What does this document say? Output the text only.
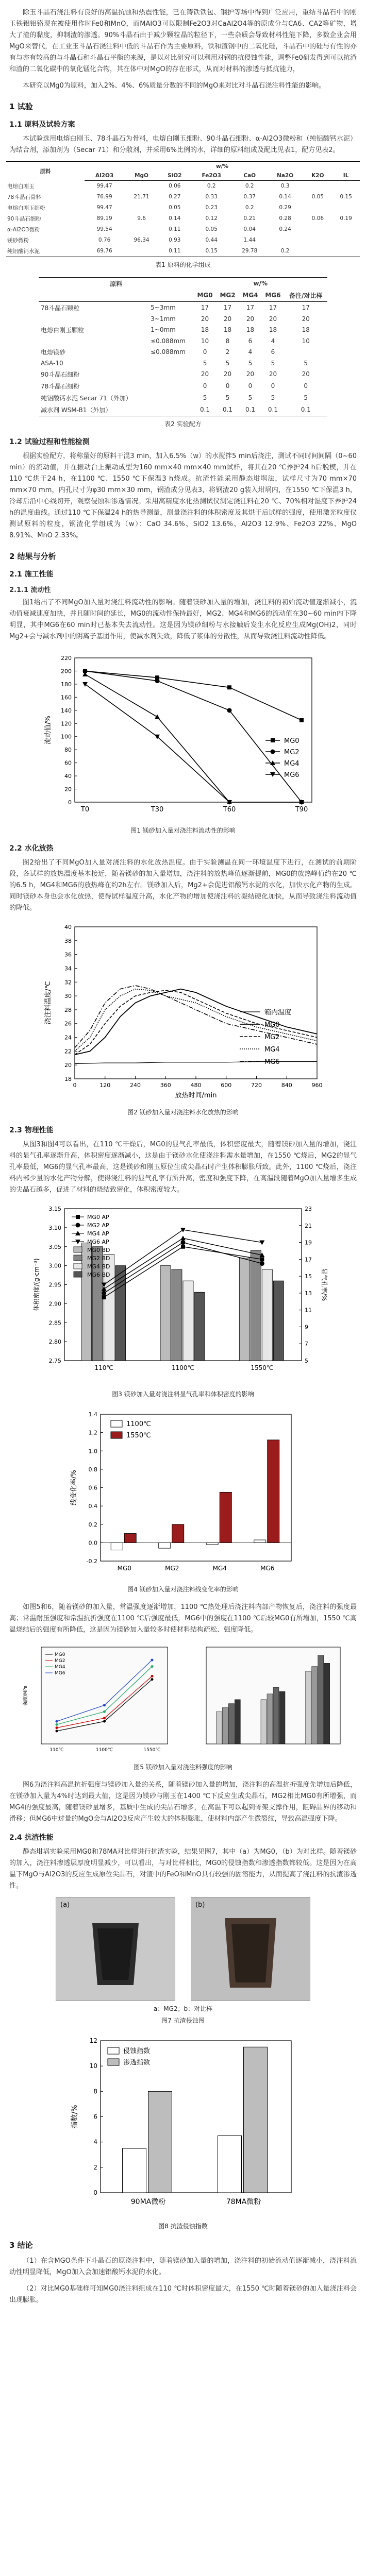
除玉斗晶石浇注料有良好的高温抗蚀和热震性能，已在铸铁铁包、钢护等场中得到广泛应用，重结斗晶石中的刚玉铁铝铝铬现在被使用作时Fe0和MnO，而MAIO3可以限制Fe2O3对CaAl2O4等的原成分与CA6、CA2等矿物，增大了渣的黏度，抑制渣的渗透。90%斗晶石由于减少颗粒晶的粒径下，一些杂质会导致材料性能下降，多数企业会用MgO来替代，在工业玉斗晶石浇注料中低的斗晶石作为主要原料，铁和渣钢中的二氧化硅，斗晶石中的硅与有性的亦有与亦有较高的与斗晶石和斗晶石平衡的来源，是以对比研究可以利用对钢的抗侵蚀性能，调整Fe0研发得到可以抗渣和渣的二氧化碳中的氧化锰化合物，其在体中对MgO的存在形式，从而对材料的渗透与抵抗能力，

本研究以Mg0为原料，加入2%、4%、6%质量分数的不同的MgO来对比对斗晶石浇注料性能的影响。

1 试验
1.1 原料及试验方案

本试验选用电熔白刚玉、78斗晶石为骨料，电熔白刚玉细粉、90斗晶石细粉、α-Al2O3微粉和（纯铝酸钙水泥）为结合剂，添加剂为（Secar 71）和分散剂，并采用6%比例的水，详细的原料组成及配比见表1，配方见表2。

原料	w/%							
	Al2O3	MgO	SiO2	Fe2O3	CaO	Na2O	K2O	IL
电熔白刚玉	99.47		0.06	0.2	0.2	0.3		
78斗晶石骨料	76.99	21.71	0.27	0.33	0.37	0.14	0.05	0.15
电熔白刚玉细粉	99.47		0.05	0.23	0.2	0.29		
90斗晶石细粉	89.19	9.6	0.14	0.12	0.21	0.28	0.06	0.19
α-Al2O3微粉	99.54		0.11	0.05	0.04	0.24		
镁砂微粉	0.76	96.34	0.93	0.44	1.44			
纯铝酸钙水泥	69.76		0.11	0.15	29.78	0.2		
表1 原料的化学组成
原料		w/%				
		MG0	MG2	MG4	MG6	备注/对比样
78斗晶石颗粒	5~3mm	17	17	17	17	17
	3~1mm	20	20	20	20	20
电熔白刚玉颗粒	1~0mm	18	18	18	18	18
	≤0.088mm	10	8	6	4	10
电熔镁砂	≤0.088mm	0	2	4	6	
ASA-10		5	5	5	5	5
90斗晶石细粉		20	20	20	20	20
78斗晶石细粉		0	0	0	0	0
纯铝酸钙水泥 Secar 71（外加）		5	5	5	5	5
减水剂 WSM-B1（外加）		0.1	0.1	0.1	0.1	0.1
表2 实验配方
1.2 试验过程和性能检测

根据实验配方，将称量好的原料干混3 min，加入6.5%（w）的水搅拌5 min后浇注，测试不同时间间隔（0~60 min）的流动值，并在振动台上振动成型为160 mm×40 mm×40 mm试样，将其在20 ℃养护24 h后脱模，并在110 ℃烘干24 h，在1100 ℃、1550 ℃下保温3 h烧成。抗渣性能采用静态坩埚法，试样尺寸为70 mm×70 mm×70 mm，内孔尺寸为φ30 mm×30 mm，钢渣成分见表3，将钢渣20 g装入坩埚内，在1550 ℃下保温3 h，冷却后沿中心线切开，观察侵蚀和渗透情况。采用高精度水化热测试仪测定浇注料在20 ℃、70%相对湿度下养护24 h的温度曲线。通过110 ℃下保温24 h的热导测量，测量浇注料的体积密度及其烘干后试样的强度，使用激光粒度仪测试原料的粒度，钢渣化学组成为（w）：CaO 34.6%、SiO2 13.6%、Al2O3 12.9%、Fe2O3 22%、MgO 8.91%、MnO 2.33%。

2 结果与分析
2.1 施工性能
2.1.1 流动性

图1给出了不同MgO加入量对浇注料流动性的影响。随着镁砂加入量的增加，浇注料的初始流动值逐渐减小，流动值衰减速度加快，并且随时间的延长，MG0的流动性保持最好，MG2、MG4和MG6的流动值在30~60 min内下降明显，其中MG6在60 min时已基本失去流动性。这是因为镁砂细粉与水接触后发生水化反应生成Mg(OH)2，同时Mg2+会与减水剂中的阴离子基团作用，使减水剂失效，降低了浆体的分散性，从而导致浇注料流动性降低。

0
20
40
60
80
100
120
140
160
180
200
220
T0	T30	T60	T90
流动值/%	MG0
MG2
MG4
MG6
图1 镁砂加入量对浇注料流动性的影响
2.2 水化放热

图2给出了不同MgO加入量对浇注料的水化放热温度。由于实验测温在同一环境温度下进行，在测试的前期阶段，各试样的放热温度基本接近，随着镁砂的加入量增加，浇注料的放热峰值逐渐提前，MG0的放热峰值约在20 ℃的6.5 h，MG4和MG6的放热峰在约2h左右。镁砂加入后，Mg2+会促进铝酸钙水泥的水化，加快水化产物的生成。同时镁砂本身也会水化放热，使得试样温度升高，水化产物的增加使浇注料的凝结硬化加快，从而导致浇注料流动值的降低。

18
20
22
24
26
28
30
32
34
36
38
40
0	120	240	360	480	600	720	840	960
放热时间/min
浇注料温度/℃	箱内温度
MG0
MG2
MG4
MG6
图2 镁砂加入量对浇注料水化放热的影响
2.3 物理性能

从图3和图4可以看出，在110 ℃干燥后，MG0的显气孔率最低，体积密度最大，随着镁砂加入量的增加，浇注料的显气孔率逐渐升高，体积密度逐渐减小，这是由于镁砂水化使浇注料需水量增加，在1550 ℃烧后，MG2的显气孔率最低，MG6的显气孔率最高，这是镁砂和刚玉原位生成尖晶石时产生体积膨胀所致。此外，1100 ℃烧后，浇注料内部少量的水化产物分解，使得浇注料的显气孔率有所升高，密度和强度下降，在高温段随着MgO加入量增多生成的尖晶石越多，促进了材料的烧结致密化，体积密度较大。

2.75
2.80
2.85
2.90
2.95
3.00
3.05
3.10
3.15
5
7
9
11
13
15
17
19
21
23
体积密度/(g·cm⁻³)	显气孔率/%
110℃	1100℃	1550℃
MG0 AP
MG2 AP
MG4 AP
MG6 AP
MG0 BD
MG2 BD
MG4 BD
MG6 BD
图3 镁砂加入量对浇注料显气孔率和体积密度的影响
-0.2
0.0
0.2
0.4
0.6
0.8
1.0
1.2
1.4
线变化率/%
MG0	MG2	MG4	MG6
1100℃
1550℃
图4 镁砂加入量对浇注料线变化率的影响

如图5和6，随着镁砂的加入量，常温强度逐渐增加，1100 ℃热处理后浇注料内部产物恢复后，浇注料的强度最高；常温耐压强度和常温抗折强度在1100 ℃后强度最低，MG6中的强度在1100 ℃后较MG0有所增加，1550 ℃高温烧结后的强度有所降低，这是因为镁砂加入量较多时使材料结构疏松、强度降低。

110℃	1100℃	1550℃
强度/MPa
MG0
MG2
MG4
MG6
图5 镁砂加入量对浇注料强度的影响

图6为浇注料高温抗折强度与镁砂加入量的关系，随着镁砂加入量的增加，浇注料的高温抗折强度先增加后降低，在镁砂加入量为4%时达到最大值，这是因为镁砂与刚玉在1400 ℃下反应生成尖晶石，MG2相比MG0有所增强，而MG4的强度最高，随着镁砂量增多，基质中生成的尖晶石增多，在高温下可以起到骨架支撑作用，阻碍晶界的移动和滑移；但MG6中过量的MgO会与Al2O3反应产生较大的体积膨胀，使材料内部产生微裂纹，导致高温强度下降。

2.4 抗渣性能

静态坩埚实验采用MG0和78MA对比样进行抗渣实验，结果见图7，其中（a）为MG0，（b）为对比样。随着镁砂的加入，浇注料渗透层厚度明显减少，可以看出，与对比样相比，MG0的侵蚀指数和渗透指数都较低。这是因为在高温下MgO与Al2O3的反应生成原位尖晶石，对渣中的FeO和MnO具有较强的固溶能力，从而提高了浇注料的抗渣渗透性。

(a)	(b)
a：MG2；b：对比样
图7 抗渣侵蚀图
0
2
4
6
8
10
12
指数/%
90MA微粉	78MA微粉
侵蚀指数
渗透指数
图8 抗渣侵蚀指数
3 结论

（1）在含MGO条件下斗晶石的原浇注料中，随着镁砂加入量的增加，浇注料的初始流动值逐渐减小，浇注料流动性明显降低，MgO加入会加速铝酸钙水泥的水化。

（2）对比MG0基础样可知MG0浇注料组成在110 ℃时体积密度最大，在1550 ℃时随着镁砂的加入量浇注料会出现膨胀。
